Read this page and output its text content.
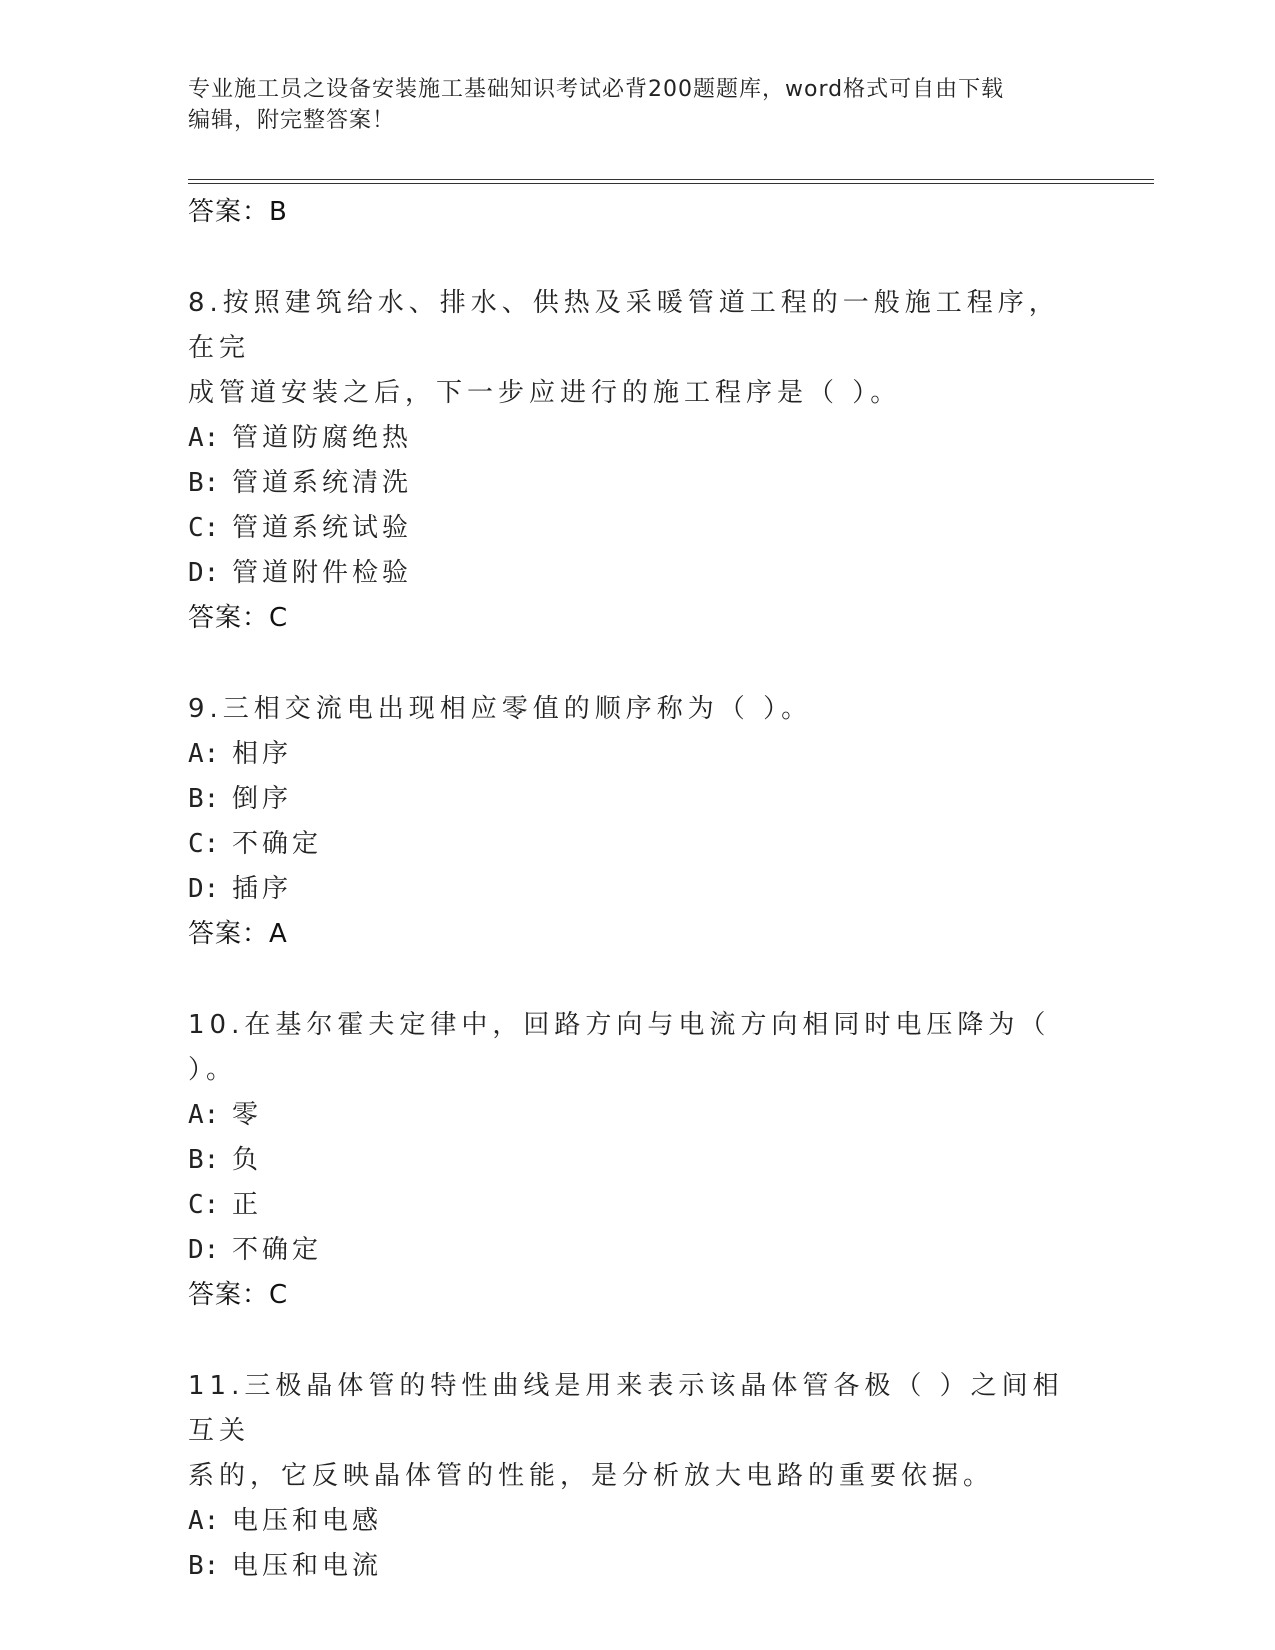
专业施工员之设备安装施工基础知识考试必背200题题库，word格式可自由下载
编辑，附完整答案！
答案：B
8.按照建筑给水、排水、供热及采暖管道工程的一般施工程序，在完
成管道安装之后，下一步应进行的施工程序是（ ）。
A: 管道防腐绝热
B: 管道系统清洗
C: 管道系统试验
D: 管道附件检验
答案：C
9.三相交流电出现相应零值的顺序称为（ ）。
A: 相序
B: 倒序
C: 不确定
D: 插序
答案：A
10.在基尔霍夫定律中，回路方向与电流方向相同时电压降为（ ）。
A: 零
B: 负
C: 正
D: 不确定
答案：C
11.三极晶体管的特性曲线是用来表示该晶体管各极（ ）之间相互关
系的，它反映晶体管的性能，是分析放大电路的重要依据。
A: 电压和电感
B: 电压和电流
